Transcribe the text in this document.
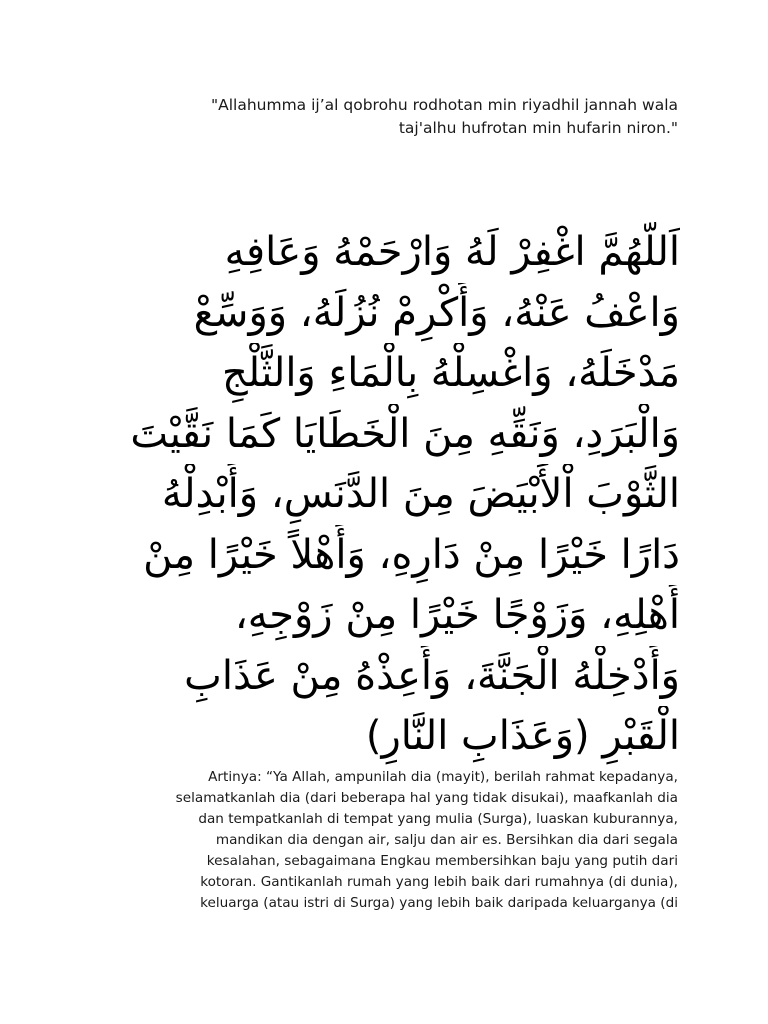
"Allahumma ij’al qobrohu rodhotan min riyadhil jannah wala
taj'alhu hufrotan min hufarin niron."
اَللَّهُمَّ اغْفِرْ لَهُ وَارْحَمْهُ وَعَافِهِ
وَاعْفُ عَنْهُ، وَأَكْرِمْ نُزُلَهُ، وَوَسِّعْ
مَدْخَلَهُ، وَاغْسِلْهُ بِالْمَاءِ وَالثَّلْجِ
وَالْبَرَدِ، وَنَقِّهِ مِنَ الْخَطَايَا كَمَا نَقَّيْتَ
الثَّوْبَ اْلأَبْيَضَ مِنَ الدَّنَسِ، وَأَبْدِلْهُ
دَارًا خَيْرًا مِنْ دَارِهِ، وَأَهْلاً خَيْرًا مِنْ
أَهْلِهِ، وَزَوْجًا خَيْرًا مِنْ زَوْجِهِ،
وَأَدْخِلْهُ الْجَنَّةَ، وَأَعِذْهُ مِنْ عَذَابِ
الْقَبْرِ (وَعَذَابِ النَّارِ)
Artinya: “Ya Allah, ampunilah dia (mayit), berilah rahmat kepadanya,
selamatkanlah dia (dari beberapa hal yang tidak disukai), maafkanlah dia
dan tempatkanlah di tempat yang mulia (Surga), luaskan kuburannya,
mandikan dia dengan air, salju dan air es. Bersihkan dia dari segala
kesalahan, sebagaimana Engkau membersihkan baju yang putih dari
kotoran. Gantikanlah rumah yang lebih baik dari rumahnya (di dunia),
keluarga (atau istri di Surga) yang lebih baik daripada keluarganya (di
